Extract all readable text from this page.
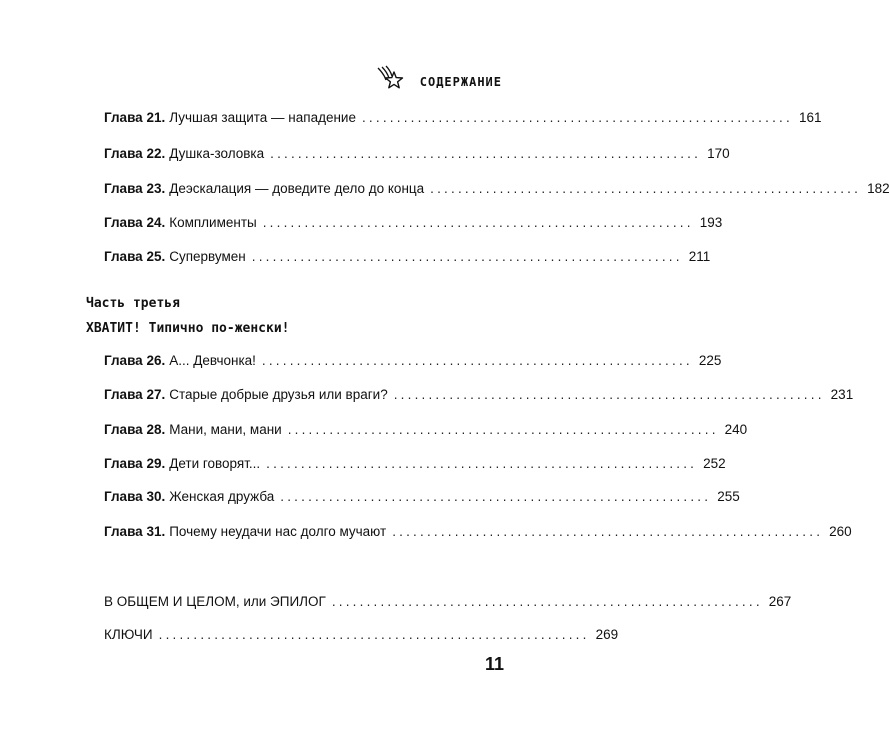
СОДЕРЖАНИЕ
Глава 21. Лучшая защита — нападение .............................................................. 161
Глава 22. Душка-золовка .............................................................. 170
Глава 23. Деэскалация — доведите дело до конца .............................................................. 182
Глава 24. Комплименты .............................................................. 193
Глава 25. Супервумен .............................................................. 211
Часть третья
ХВАТИТ! Типично по-женски!
Глава 26. А... Девчонка! .............................................................. 225
Глава 27. Старые добрые друзья или враги? .............................................................. 231
Глава 28. Мани, мани, мани .............................................................. 240
Глава 29. Дети говорят... .............................................................. 252
Глава 30. Женская дружба .............................................................. 255
Глава 31. Почему неудачи нас долго мучают .............................................................. 260
В ОБЩЕМ И ЦЕЛОМ, или ЭПИЛОГ .............................................................. 267
КЛЮЧИ .............................................................. 269
11
